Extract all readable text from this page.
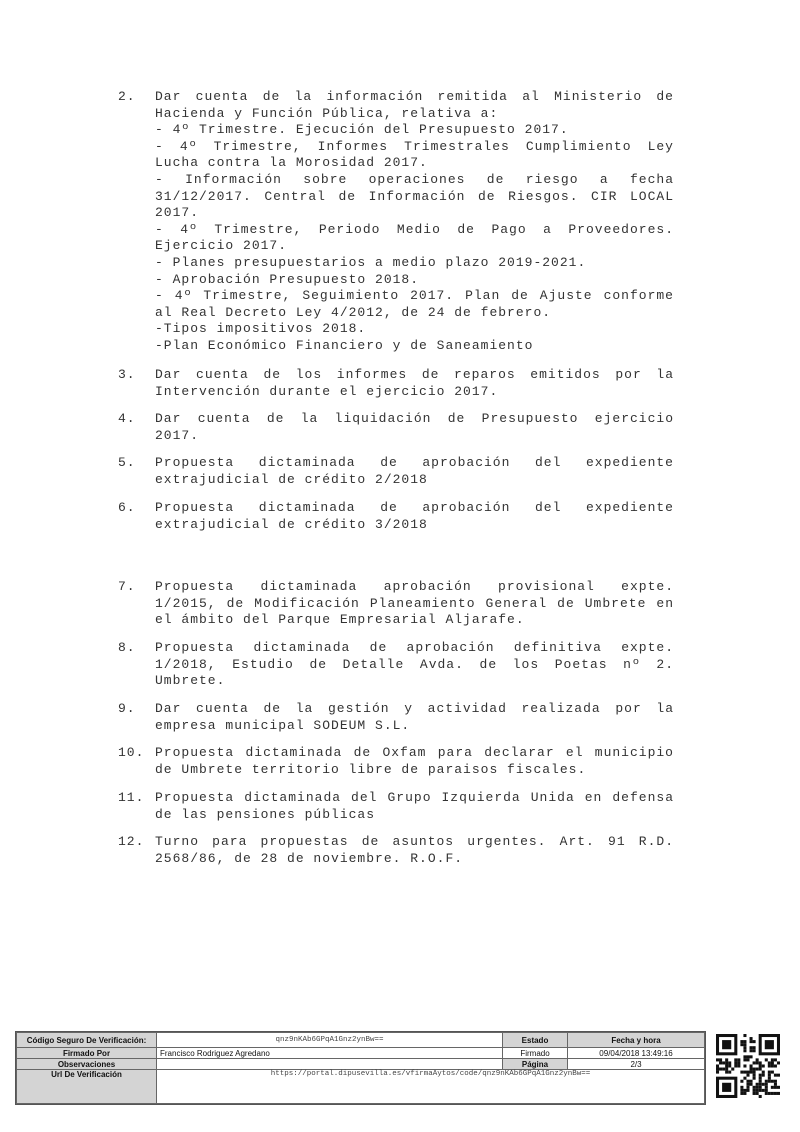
2. Dar cuenta de la información remitida al Ministerio de
Hacienda y Función Pública, relativa a:
- 4º Trimestre. Ejecución del Presupuesto 2017.
- 4º Trimestre, Informes Trimestrales Cumplimiento Ley
Lucha contra la Morosidad 2017.
- Información sobre operaciones de riesgo a fecha
31/12/2017. Central de Información de Riesgos. CIR LOCAL
2017.
- 4º Trimestre, Periodo Medio de Pago a Proveedores.
Ejercicio 2017.
- Planes presupuestarios a medio plazo 2019-2021.
- Aprobación Presupuesto 2018.
- 4º Trimestre, Seguimiento 2017. Plan de Ajuste conforme
al Real Decreto Ley 4/2012, de 24 de febrero.
-Tipos impositivos 2018.
-Plan Económico Financiero y de Saneamiento
3. Dar cuenta de los informes de reparos emitidos por la
Intervención durante el ejercicio 2017.
4. Dar cuenta de la liquidación de Presupuesto ejercicio
2017.
5. Propuesta dictaminada de aprobación del expediente
extrajudicial de crédito 2/2018
6. Propuesta dictaminada de aprobación del expediente
extrajudicial de crédito 3/2018
7. Propuesta dictaminada aprobación provisional expte.
1/2015, de Modificación Planeamiento General de Umbrete en
el ámbito del Parque Empresarial Aljarafe.
8. Propuesta dictaminada de aprobación definitiva expte.
1/2018, Estudio de Detalle Avda. de los Poetas nº 2.
Umbrete.
9. Dar cuenta de la gestión y actividad realizada por la
empresa municipal SODEUM S.L.
10. Propuesta dictaminada de Oxfam para declarar el municipio
de Umbrete territorio libre de paraisos fiscales.
11. Propuesta dictaminada del Grupo Izquierda Unida en defensa
de las pensiones públicas
12. Turno para propuestas de asuntos urgentes. Art. 91 R.D.
2568/86, de 28 de noviembre. R.O.F.
Código Seguro De Verificación:	qnz9nKAb6GPqA1Gnz2ynBw==	Estado	Fecha y hora
Firmado Por	Francisco Rodriguez Agredano	Firmado	09/04/2018 13:49:16
Observaciones		Página	2/3
Url De Verificación	https://portal.dipusevilla.es/vfirmaAytos/code/qnz9nKAb6GPqA1Gnz2ynBw==		
